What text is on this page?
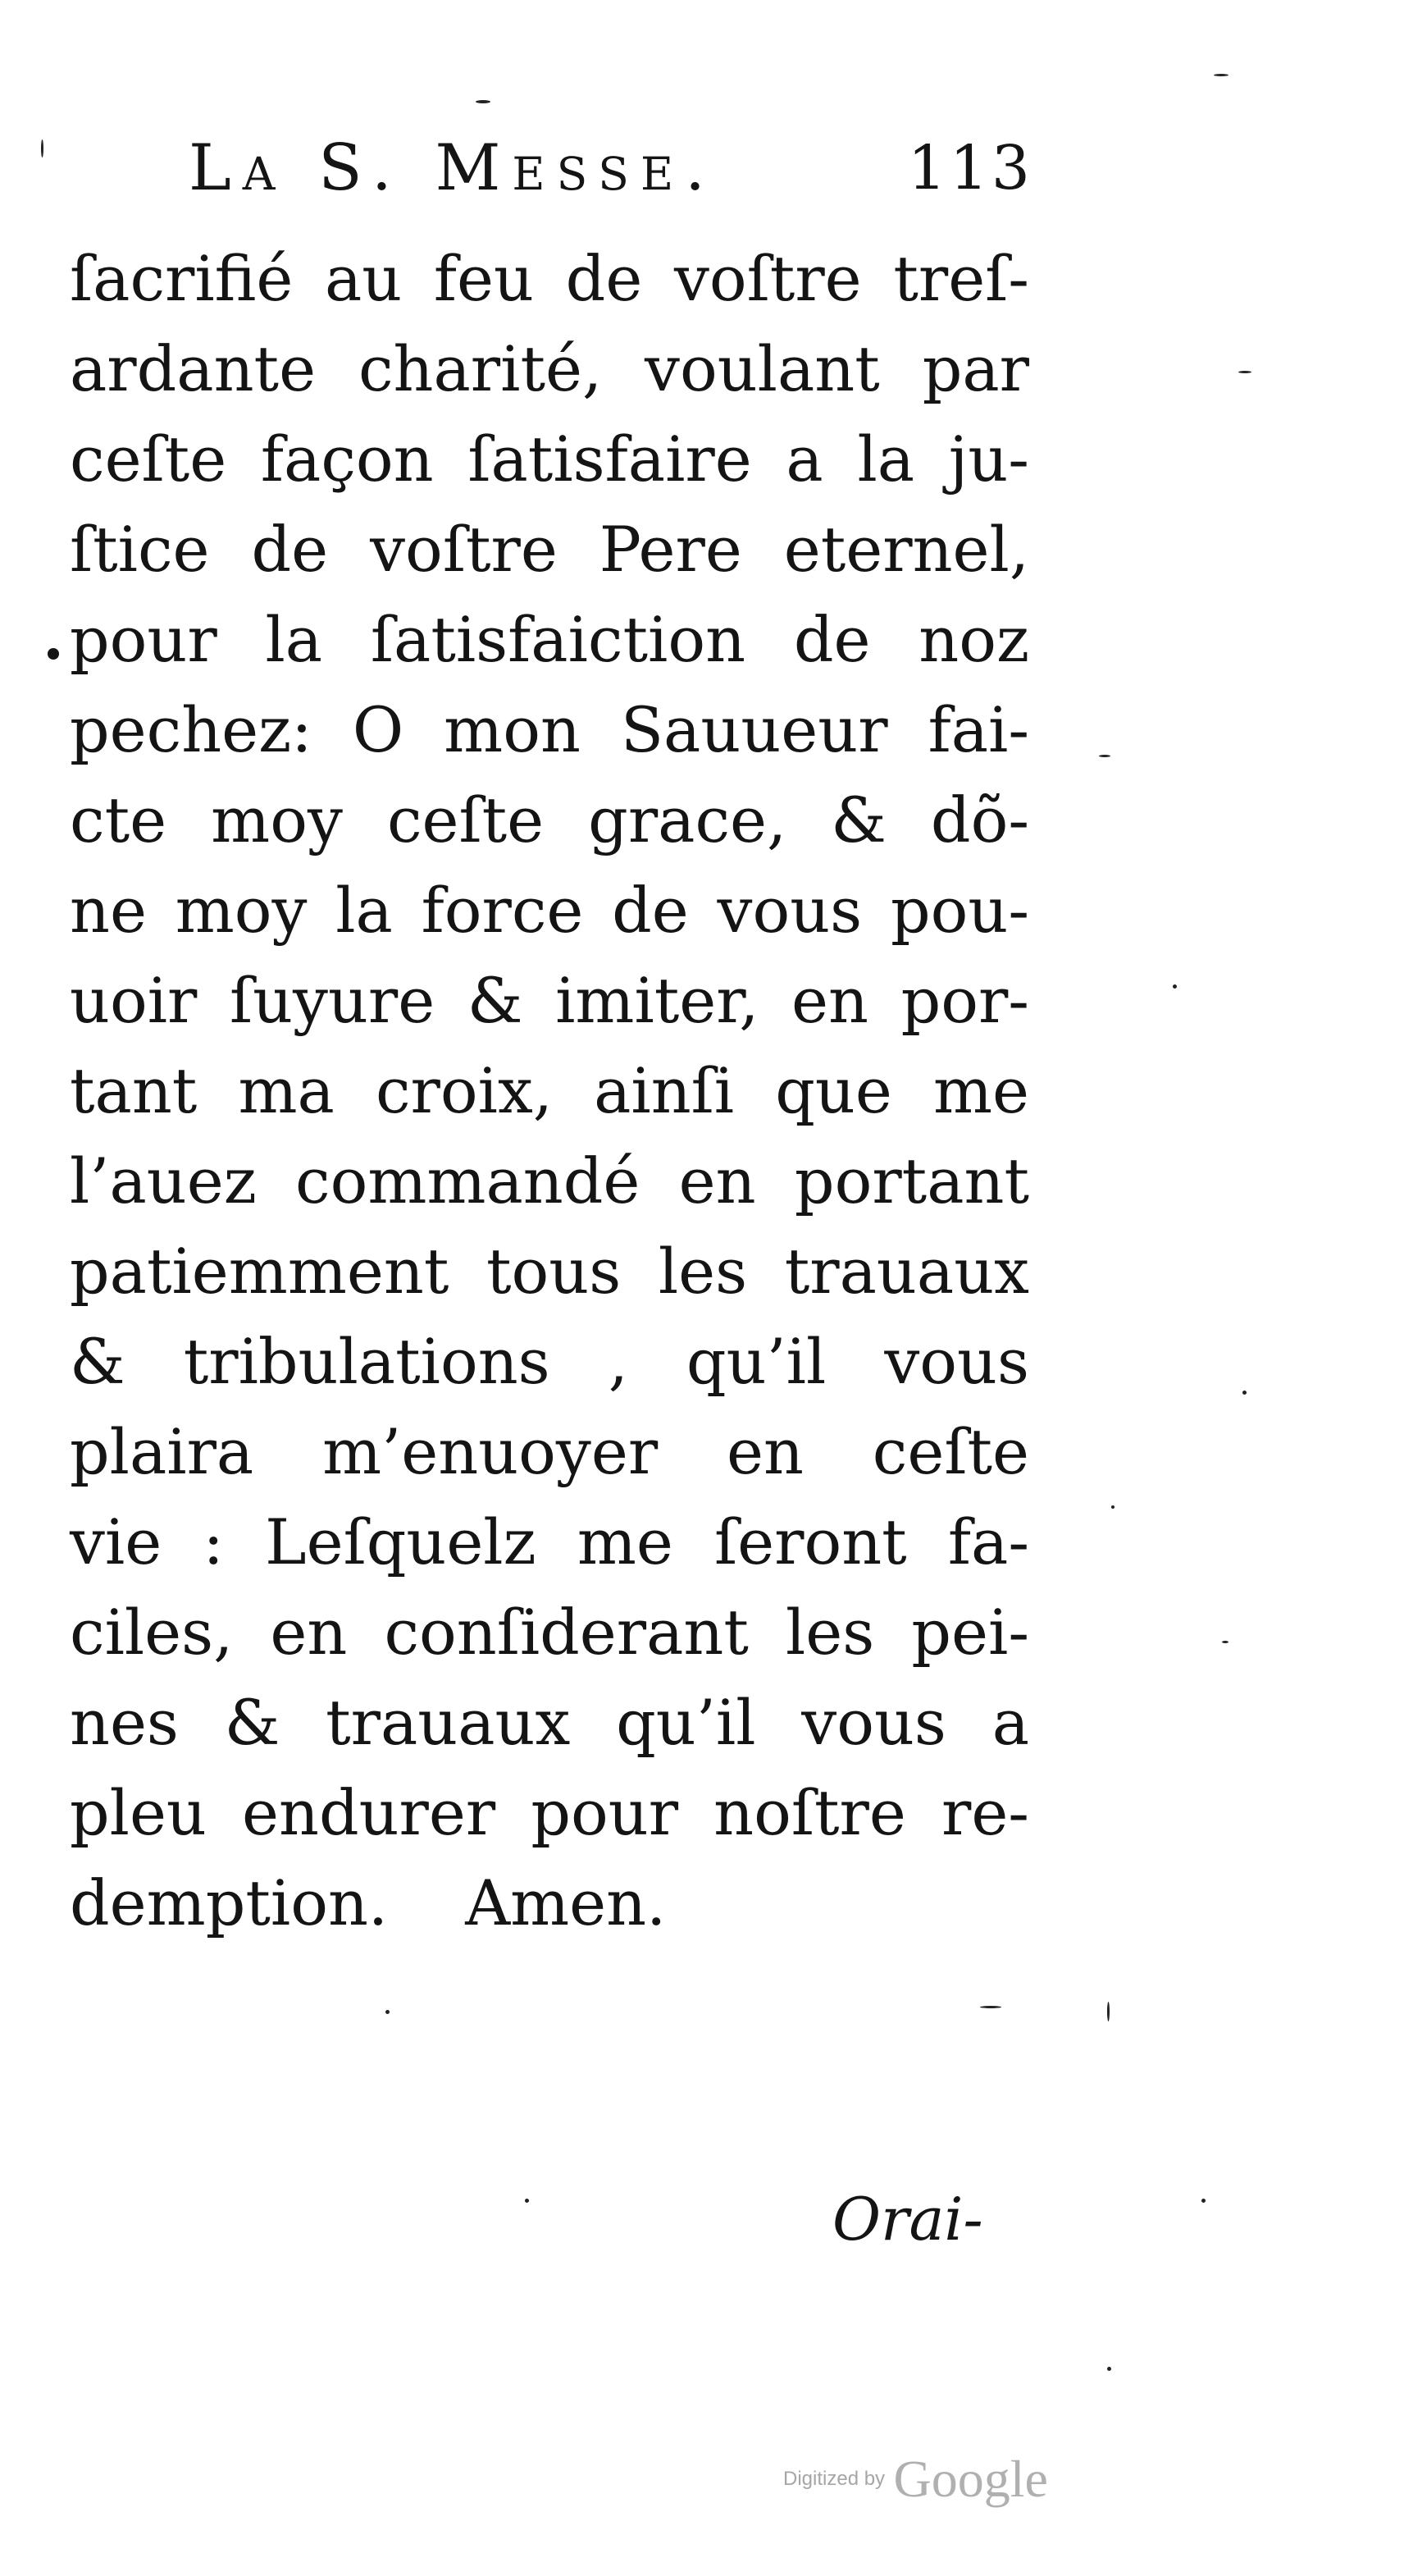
La S. Messe.	113
ſacrifié au feu de voſtre treſ-
ardante charité, voulant par
ceſte façon ſatisfaire a la ju-
ſtice de voſtre Pere eternel,
pour la ſatisfaiction de noz
pechez: O mon Sauueur fai-
cte moy ceſte grace, & dõ-
ne moy la force de vous pou-
uoir ſuyure & imiter, en por-
tant ma croix, ainſi que me
l’auez commandé en portant
patiemment tous les trauaux
& tribulations , qu’il vous
plaira m’enuoyer en ceſte
vie : Leſquelz me ſeront fa-
ciles, en conſiderant les pei-
nes & trauaux qu’il vous a
pleu endurer pour noſtre re-
demption. Amen.
Orai-
Digitized by Google
